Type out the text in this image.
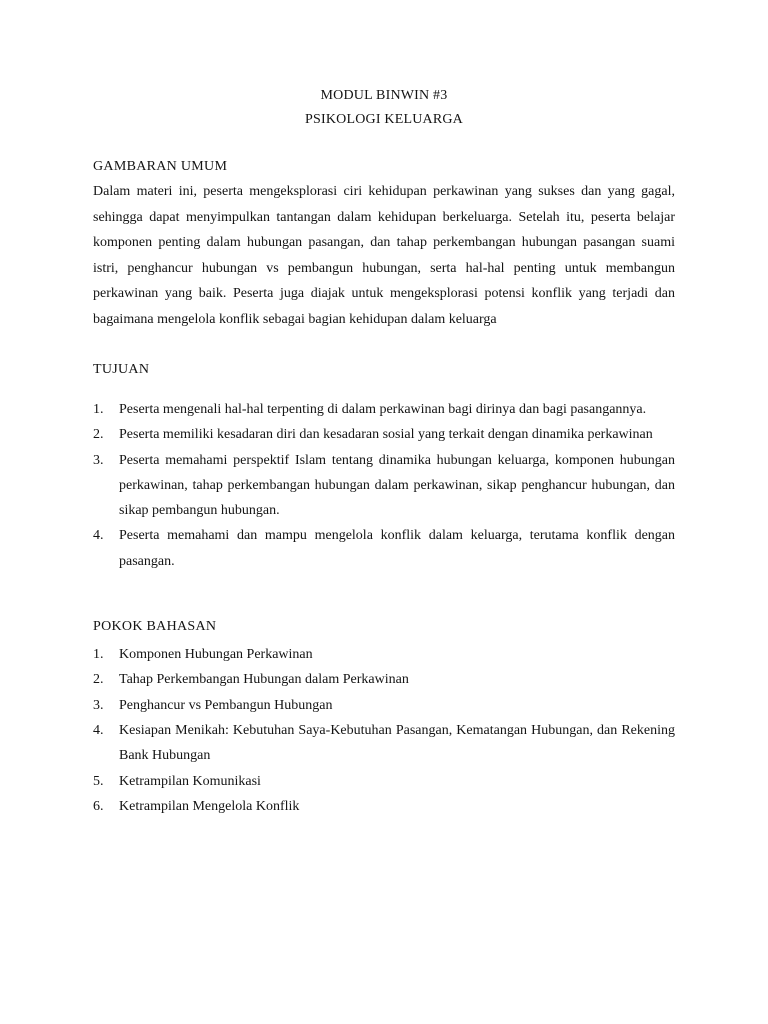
MODUL BINWIN #3
PSIKOLOGI KELUARGA
GAMBARAN UMUM

Dalam materi ini, peserta mengeksplorasi ciri kehidupan perkawinan yang sukses dan yang gagal, sehingga dapat menyimpulkan tantangan dalam kehidupan berkeluarga. Setelah itu, peserta belajar komponen penting dalam hubungan pasangan, dan tahap perkembangan hubungan pasangan suami istri, penghancur hubungan vs pembangun hubungan, serta hal-hal penting untuk membangun perkawinan yang baik. Peserta juga diajak untuk mengeksplorasi potensi konflik yang terjadi dan bagaimana mengelola konflik sebagai bagian kehidupan dalam keluarga

TUJUAN
1. Peserta mengenali hal-hal terpenting di dalam perkawinan bagi dirinya dan bagi pasangannya.
2. Peserta memiliki kesadaran diri dan kesadaran sosial yang terkait dengan dinamika perkawinan
3. Peserta memahami perspektif Islam tentang dinamika hubungan keluarga, komponen hubungan perkawinan, tahap perkembangan hubungan dalam perkawinan, sikap penghancur hubungan, dan sikap pembangun hubungan.
4. Peserta memahami dan mampu mengelola konflik dalam keluarga, terutama konflik dengan pasangan.
POKOK BAHASAN
1. Komponen Hubungan Perkawinan
2. Tahap Perkembangan Hubungan dalam Perkawinan
3. Penghancur vs Pembangun Hubungan
4. Kesiapan Menikah: Kebutuhan Saya-Kebutuhan Pasangan, Kematangan Hubungan, dan Rekening Bank Hubungan
5. Ketrampilan Komunikasi
6. Ketrampilan Mengelola Konflik
